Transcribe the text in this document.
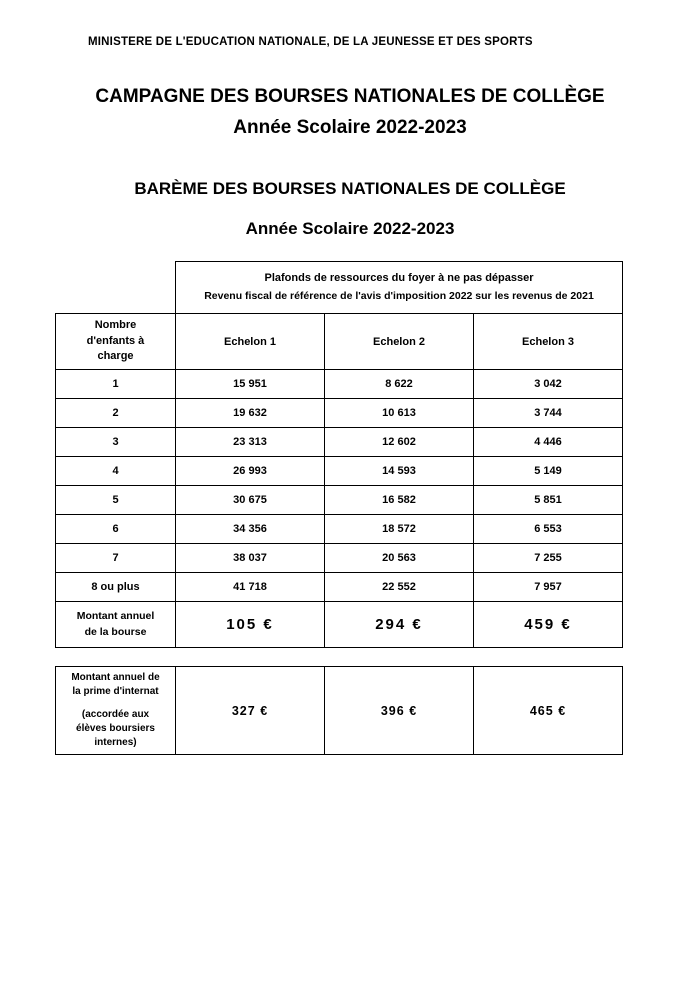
MINISTERE DE L'EDUCATION NATIONALE, DE LA JEUNESSE ET DES SPORTS
CAMPAGNE DES BOURSES NATIONALES DE COLLÈGE
Année Scolaire 2022-2023
BARÈME DES BOURSES NATIONALES DE COLLÈGE
Année Scolaire 2022-2023

	Plafonds de ressources du foyer à ne pas dépasser
Revenu fiscal de référence de l'avis d'imposition 2022 sur les revenus de 2021		

Nombre d'enfants à charge	Echelon 1	Echelon 2	Echelon 3
1	15 951	8 622	3 042
2	19 632	10 613	3 744
3	23 313	12 602	4 446
4	26 993	14 593	5 149
5	30 675	16 582	5 851
6	34 356	18 572	6 553
7	38 037	20 563	7 255
8 ou plus	41 718	22 552	7 957
Montant annuel de la bourse	105 €	294 €	459 €
Montant annuel de la prime d'internat
(accordée aux élèves boursiers internes)
	327 €	396 €	465 €
